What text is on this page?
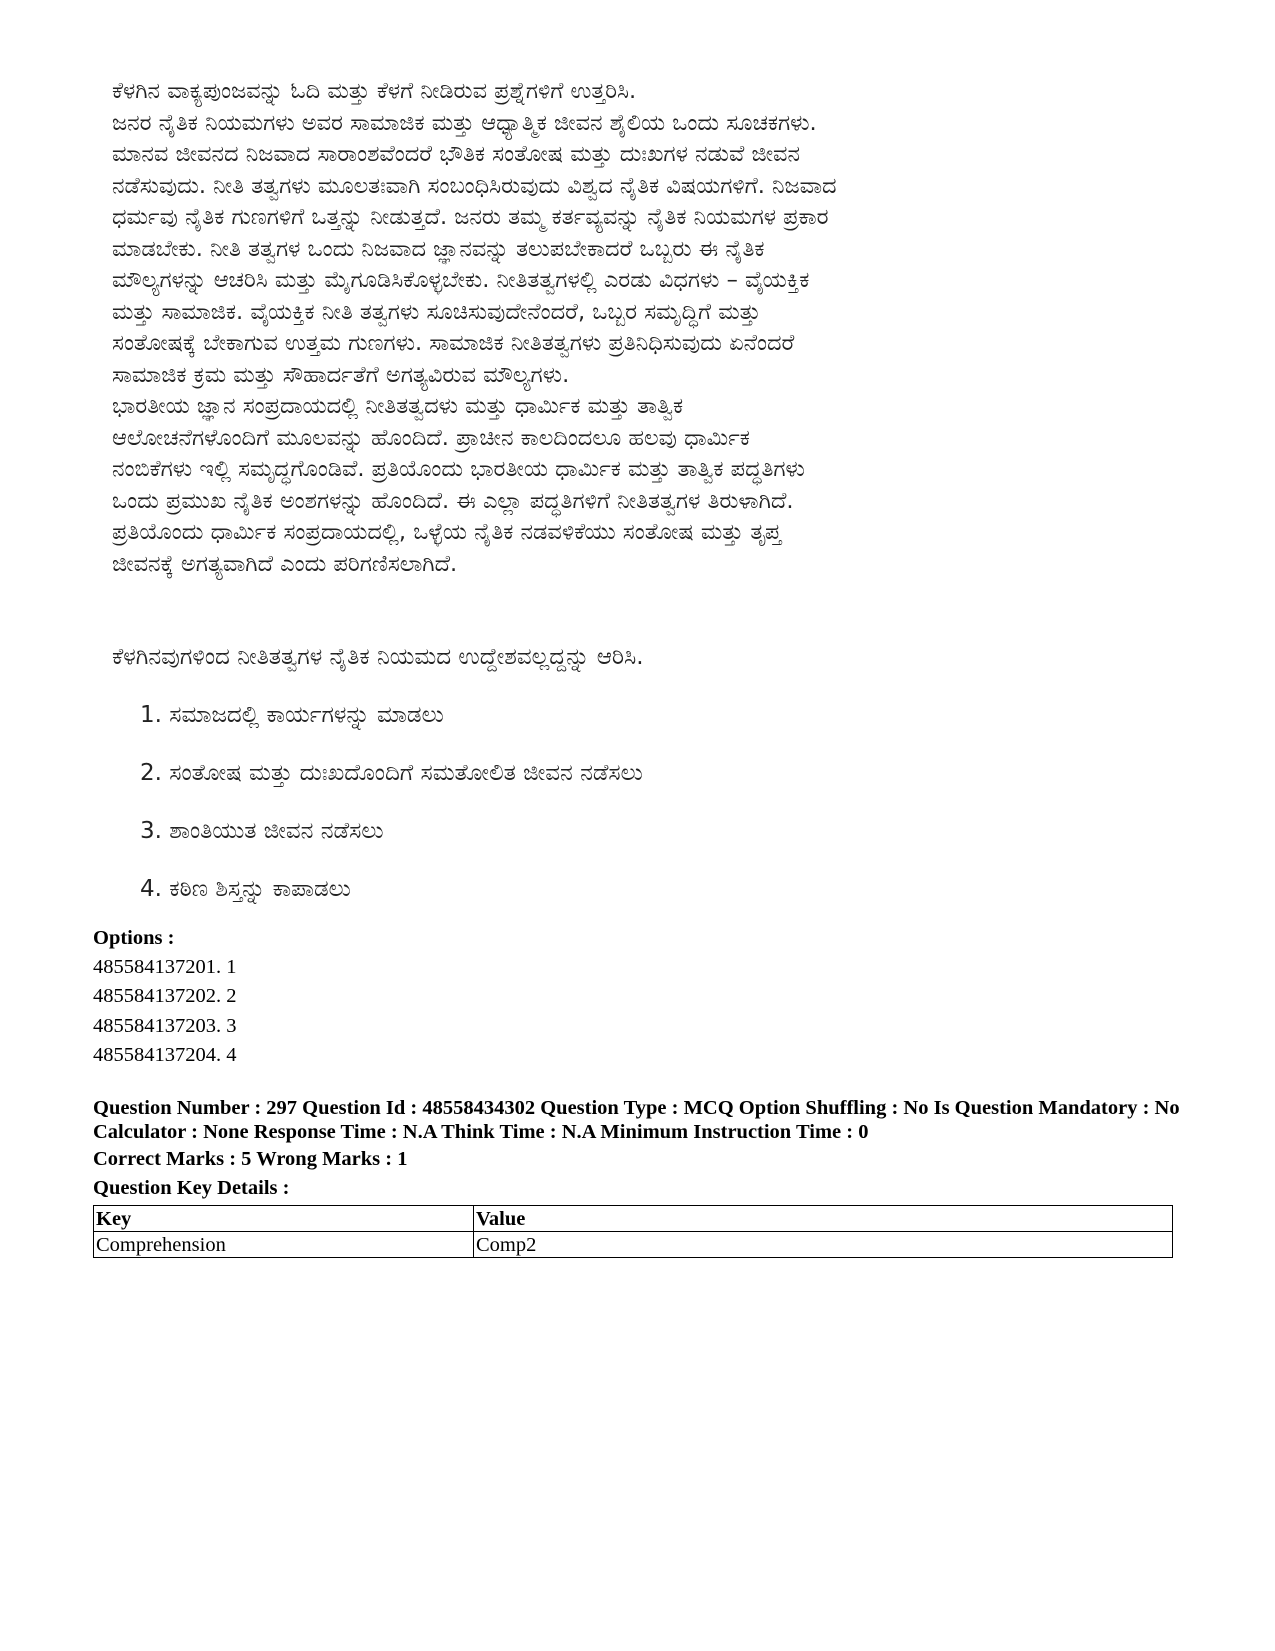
ಕೆಳಗಿನ ವಾಕ್ಯಪುಂಜವನ್ನು ಓದಿ ಮತ್ತು ಕೆಳಗೆ ನೀಡಿರುವ ಪ್ರಶ್ನೆಗಳಿಗೆ ಉತ್ತರಿಸಿ.
ಜನರ ನೈತಿಕ ನಿಯಮಗಳು ಅವರ ಸಾಮಾಜಿಕ ಮತ್ತು ಆಧ್ಯಾತ್ಮಿಕ ಜೀವನ ಶೈಲಿಯ ಒಂದು ಸೂಚಕಗಳು.
ಮಾನವ ಜೀವನದ ನಿಜವಾದ ಸಾರಾಂಶವೆಂದರೆ ಭೌತಿಕ ಸಂತೋಷ ಮತ್ತು ದುಃಖಗಳ ನಡುವೆ ಜೀವನ
ನಡೆಸುವುದು. ನೀತಿ ತತ್ವಗಳು ಮೂಲತಃವಾಗಿ ಸಂಬಂಧಿಸಿರುವುದು ವಿಶ್ವದ ನೈತಿಕ ವಿಷಯಗಳಿಗೆ. ನಿಜವಾದ
ಧರ್ಮವು ನೈತಿಕ ಗುಣಗಳಿಗೆ ಒತ್ತನ್ನು ನೀಡುತ್ತದೆ. ಜನರು ತಮ್ಮ ಕರ್ತವ್ಯವನ್ನು ನೈತಿಕ ನಿಯಮಗಳ ಪ್ರಕಾರ
ಮಾಡಬೇಕು. ನೀತಿ ತತ್ವಗಳ ಒಂದು ನಿಜವಾದ ಜ್ಞಾನವನ್ನು ತಲುಪಬೇಕಾದರೆ ಒಬ್ಬರು ಈ ನೈತಿಕ
ಮೌಲ್ಯಗಳನ್ನು ಆಚರಿಸಿ ಮತ್ತು ಮೈಗೂಡಿಸಿಕೊಳ್ಳಬೇಕು. ನೀತಿತತ್ವಗಳಲ್ಲಿ ಎರಡು ವಿಧಗಳು – ವೈಯಕ್ತಿಕ
ಮತ್ತು ಸಾಮಾಜಿಕ. ವೈಯಕ್ತಿಕ ನೀತಿ ತತ್ವಗಳು ಸೂಚಿಸುವುದೇನೆಂದರೆ, ಒಬ್ಬರ ಸಮೃದ್ಧಿಗೆ ಮತ್ತು
ಸಂತೋಷಕ್ಕೆ ಬೇಕಾಗುವ ಉತ್ತಮ ಗುಣಗಳು. ಸಾಮಾಜಿಕ ನೀತಿತತ್ವಗಳು ಪ್ರತಿನಿಧಿಸುವುದು ಏನೆಂದರೆ
ಸಾಮಾಜಿಕ ಕ್ರಮ ಮತ್ತು ಸೌಹಾರ್ದತೆಗೆ ಅಗತ್ಯವಿರುವ ಮೌಲ್ಯಗಳು.
ಭಾರತೀಯ ಜ್ಞಾನ ಸಂಪ್ರದಾಯದಲ್ಲಿ ನೀತಿತತ್ವದಳು ಮತ್ತು ಧಾರ್ಮಿಕ ಮತ್ತು ತಾತ್ವಿಕ
ಆಲೋಚನೆಗಳೊಂದಿಗೆ ಮೂಲವನ್ನು ಹೊಂದಿದೆ. ಪ್ರಾಚೀನ ಕಾಲದಿಂದಲೂ ಹಲವು ಧಾರ್ಮಿಕ
ನಂಬಿಕೆಗಳು ಇಲ್ಲಿ ಸಮೃದ್ಧಗೊಂಡಿವೆ. ಪ್ರತಿಯೊಂದು ಭಾರತೀಯ ಧಾರ್ಮಿಕ ಮತ್ತು ತಾತ್ವಿಕ ಪದ್ಧತಿಗಳು
ಒಂದು ಪ್ರಮುಖ ನೈತಿಕ ಅಂಶಗಳನ್ನು ಹೊಂದಿದೆ. ಈ ಎಲ್ಲಾ ಪದ್ಧತಿಗಳಿಗೆ ನೀತಿತತ್ವಗಳ ತಿರುಳಾಗಿದೆ.
ಪ್ರತಿಯೊಂದು ಧಾರ್ಮಿಕ ಸಂಪ್ರದಾಯದಲ್ಲಿ, ಒಳ್ಳೆಯ ನೈತಿಕ ನಡವಳಿಕೆಯು ಸಂತೋಷ ಮತ್ತು ತೃಪ್ತ
ಜೀವನಕ್ಕೆ ಅಗತ್ಯವಾಗಿದೆ ಎಂದು ಪರಿಗಣಿಸಲಾಗಿದೆ.
ಕೆಳಗಿನವುಗಳಿಂದ ನೀತಿತತ್ವಗಳ ನೈತಿಕ ನಿಯಮದ ಉದ್ದೇಶವಲ್ಲದ್ದನ್ನು ಆರಿಸಿ.
1. ಸಮಾಜದಲ್ಲಿ ಕಾರ್ಯಗಳನ್ನು ಮಾಡಲು
2. ಸಂತೋಷ ಮತ್ತು ದುಃಖದೊಂದಿಗೆ ಸಮತೋಲಿತ ಜೀವನ ನಡೆಸಲು
3. ಶಾಂತಿಯುತ ಜೀವನ ನಡೆಸಲು
4. ಕಠಿಣ ಶಿಸ್ತನ್ನು ಕಾಪಾಡಲು
Options :
485584137201. 1
485584137202. 2
485584137203. 3
485584137204. 4
Question Number : 297 Question Id : 48558434302 Question Type : MCQ Option Shuffling : No Is Question Mandatory : No Calculator : None Response Time : N.A Think Time : N.A Minimum Instruction Time : 0
Correct Marks : 5 Wrong Marks : 1
Question Key Details :
Key	Value
Comprehension	Comp2
